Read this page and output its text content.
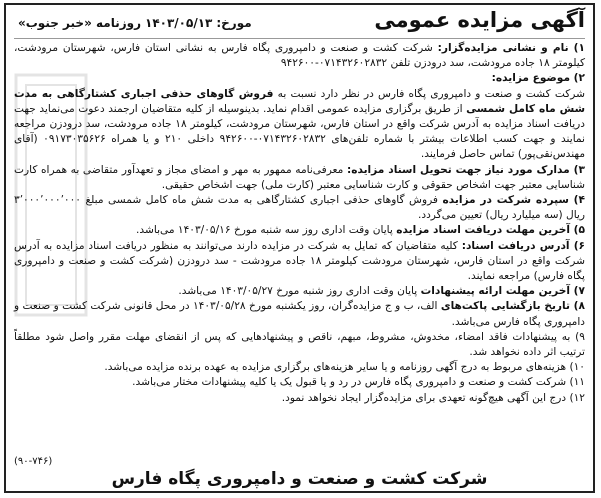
آگهی مزایده عمومی
مورخ:۱۴۰۳/۰۵/۱۳روزنامه «خبر جنوب»

۱) نام و نشانی مزایده‌گزار: شرکت کشت و صنعت و دامپروری پگاه فارس به نشانی استان فارس، شهرستان مرودشت، کیلومتر ۱۸ جاده مرودشت، سد درودزن تلفن ۰۷۱۴۳۲۶۰۲۸۳۲-۹۴۲۶۰۰

۲) موضوع مزایده:
شرکت کشت و صنعت و دامپروری پگاه فارس در نظر دارد نسبت به فروش گاوهای حذفی اجباری کشتارگاهی به مدت شش ماه کامل شمسی از طریق برگزاری مزایده عمومی اقدام نماید. بدینوسیله از کلیه متقاضیان ارجمند دعوت می‌نماید جهت دریافت اسناد مزایده به آدرس شرکت واقع در استان فارس، شهرستان مرودشت، کیلومتر ۱۸ جاده مرودشت، سد درودزن مراجعه نمایند و جهت کسب اطلاعات بیشتر با شماره تلفن‌های ۰۷۱۴۳۲۶۰۲۸۳۲-۹۴۲۶۰۰ داخلی ۲۱۰ و یا همراه ۰۹۱۷۳۰۳۵۶۲۶ (آقای مهندس‌نقی‌پور) تماس حاصل فرمایند.

۳) مدارک مورد نیاز جهت تحویل اسناد مزایده: معرفی‌نامه ممهور به مهر و امضای مجاز و تعهدآور متقاضی به همراه کارت شناسایی معتبر جهت اشخاص حقوقی و کارت شناسایی معتبر (کارت ملی) جهت اشخاص حقیقی.

۴) سپرده شرکت در مزایده فروش گاوهای حذفی اجباری کشتارگاهی به مدت شش ماه کامل شمسی مبلغ ۳٬۰۰۰٬۰۰۰٬۰۰۰ ریال (سه میلیارد ریال) تعیین می‌گردد.

۵) آخرین مهلت دریافت اسناد مزایده پایان وقت اداری روز سه شنبه مورخ ۱۴۰۳/۰۵/۱۶ می‌باشد.

۶) آدرس دریافت اسناد: کلیه متقاضیان که تمایل به شرکت در مزایده دارند می‌توانند به منظور دریافت اسناد مزایده به آدرس شرکت واقع در استان فارس، شهرستان مرودشت کیلومتر ۱۸ جاده مرودشت - سد درودزن (شرکت کشت و صنعت و دامپروری پگاه فارس) مراجعه نمایند.

۷) آخرین مهلت ارائه پیشنهادات پایان وقت اداری روز شنبه مورخ ۱۴۰۳/۰۵/۲۷ می‌باشد.

۸) تاریخ بازگشایی پاکت‌های الف، ب و ج مزایده‌گران، روز یکشنبه مورخ ۱۴۰۳/۰۵/۲۸ در محل قانونی شرکت کشت و صنعت و دامپروری پگاه فارس می‌باشد.

۹) به پیشنهادات فاقد امضاء، مخدوش، مشروط، مبهم، ناقص و پیشنهادهایی که پس از انقضای مهلت مقرر واصل شود مطلقاً ترتیب اثر داده نخواهد شد.

۱۰) هزینه‌های مربوط به درج آگهی روزنامه و یا سایر هزینه‌های برگزاری مزایده به عهده برنده مزایده می‌باشد.

۱۱) شرکت کشت و صنعت و دامپروری پگاه فارس در رد و یا قبول یک یا کلیه پیشنهادات مختار می‌باشد.

۱۲) درج این آگهی هیچ‌گونه تعهدی برای مزایده‌گزار ایجاد نخواهد نمود.

(۹۰-۷۴۶)
شرکت کشت و صنعت و دامپروری پگاه فارس
